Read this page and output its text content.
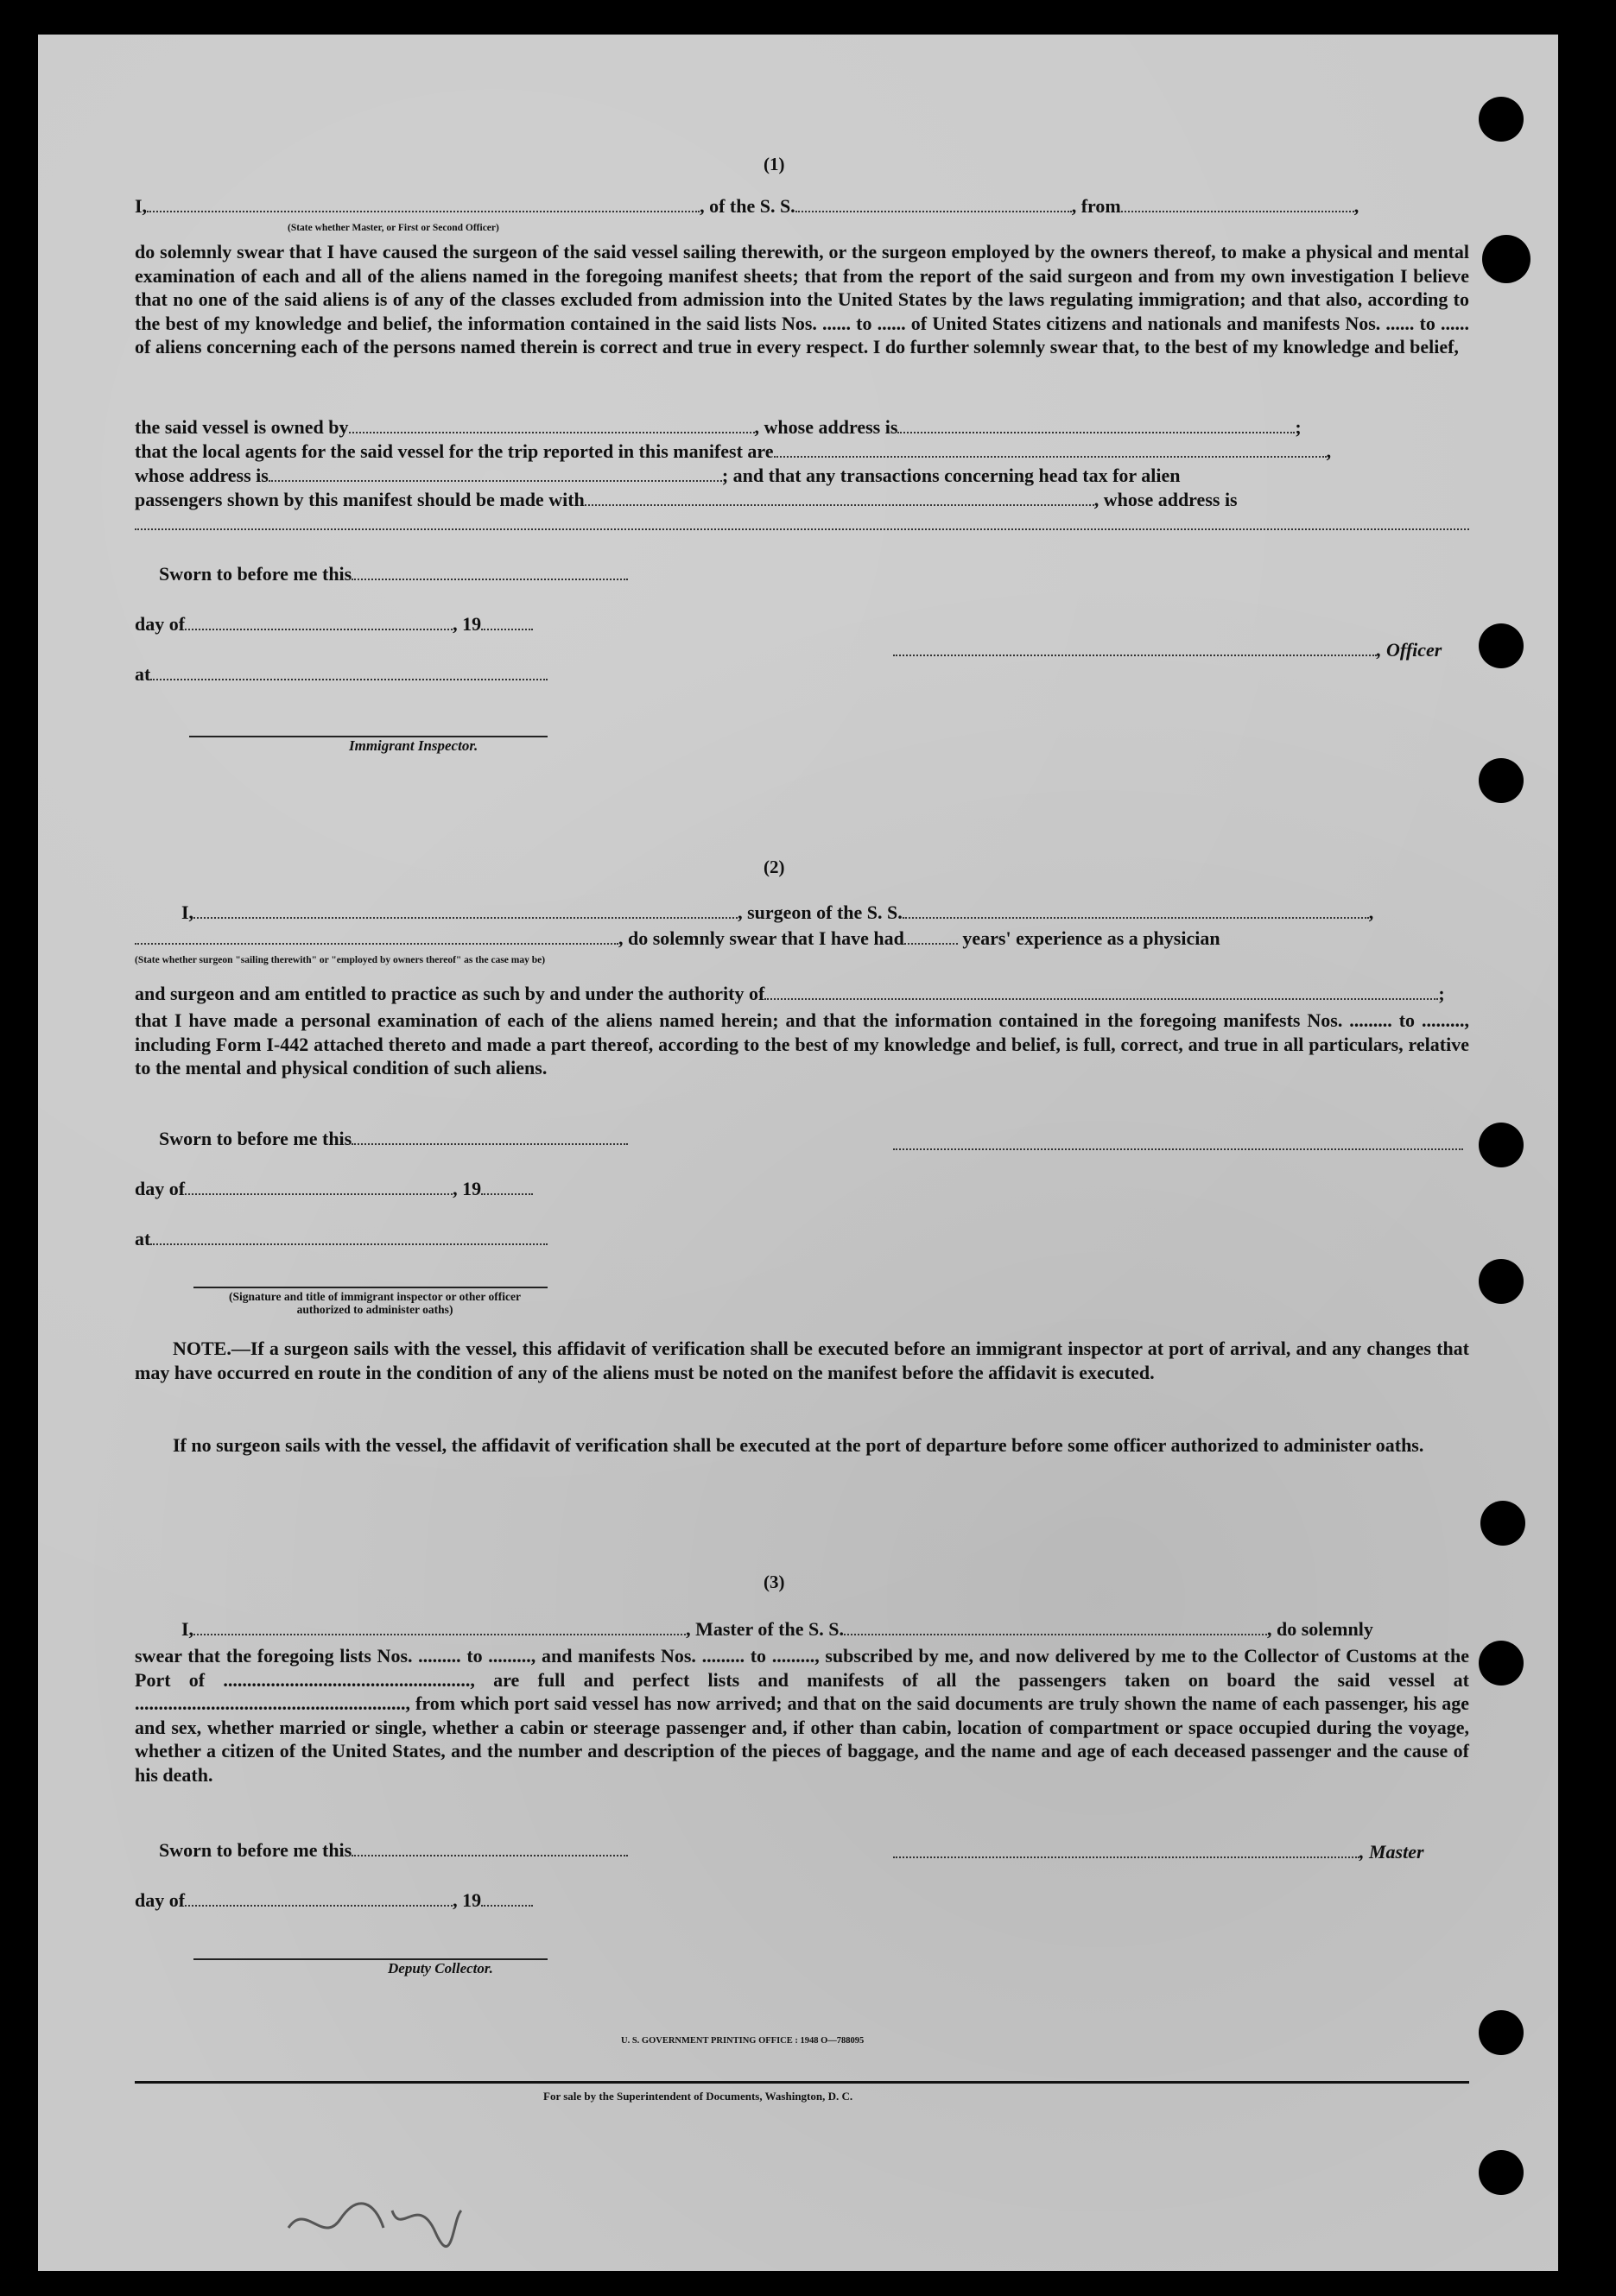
(1)
I,	, of the S. S.	, from	,
(State whether Master, or First or Second Officer)

do solemnly swear that I have caused the surgeon of the said vessel sailing therewith, or the surgeon employed by the owners thereof, to make a physical and mental examination of each and all of the aliens named in the foregoing manifest sheets; that from the report of the said surgeon and from my own investigation I believe that no one of the said aliens is of any of the classes excluded from admission into the United States by the laws regulating immigration; and that also, according to the best of my knowledge and belief, the information contained in the said lists Nos. ...... to ...... of United States citizens and nationals and manifests Nos. ...... to ...... of aliens concerning each of the persons named therein is correct and true in every respect. I do further solemnly swear that, to the best of my knowledge and belief,

the said vessel is owned by	, whose address is	;
that the local agents for the said vessel for the trip reported in this manifest are	,
whose address is	; and that any transactions concerning head tax for alien
passengers shown by this manifest should be made with	, whose address is
Sworn to before me this
day of	, 19
at
, Officer
Immigrant Inspector.
(2)
I,	, surgeon of the S. S.	,
, do solemnly swear that I have had	years' experience as a physician
(State whether surgeon "sailing therewith" or "employed by owners thereof" as the case may be)
and surgeon and am entitled to practice as such by and under the authority of	;

that I have made a personal examination of each of the aliens named herein; and that the information contained in the foregoing manifests Nos. ......... to ........., including Form I-442 attached thereto and made a part thereof, according to the best of my knowledge and belief, is full, correct, and true in all particulars, relative to the mental and physical condition of such aliens.

Sworn to before me this
day of	, 19
at
(Signature and title of immigrant inspector or other officer authorized to administer oaths)

NOTE.—If a surgeon sails with the vessel, this affidavit of verification shall be executed before an immigrant inspector at port of arrival, and any changes that may have occurred en route in the condition of any of the aliens must be noted on the manifest before the affidavit is executed.

If no surgeon sails with the vessel, the affidavit of verification shall be executed at the port of departure before some officer authorized to administer oaths.

(3)
I,	, Master of the S. S.	, do solemnly

swear that the foregoing lists Nos. ......... to ........., and manifests Nos. ......... to ........., subscribed by me, and now delivered by me to the Collector of Customs at the Port of ...................................................., are full and perfect lists and manifests of all the passengers taken on board the said vessel at ........................................................., from which port said vessel has now arrived; and that on the said documents are truly shown the name of each passenger, his age and sex, whether married or single, whether a cabin or steerage passenger and, if other than cabin, location of compartment or space occupied during the voyage, whether a citizen of the United States, and the number and description of the pieces of baggage, and the name and age of each deceased passenger and the cause of his death.

Sworn to before me this	, Master
day of	, 19
Deputy Collector.
U. S. GOVERNMENT PRINTING OFFICE : 1948 O—788095
For sale by the Superintendent of Documents, Washington, D. C.
